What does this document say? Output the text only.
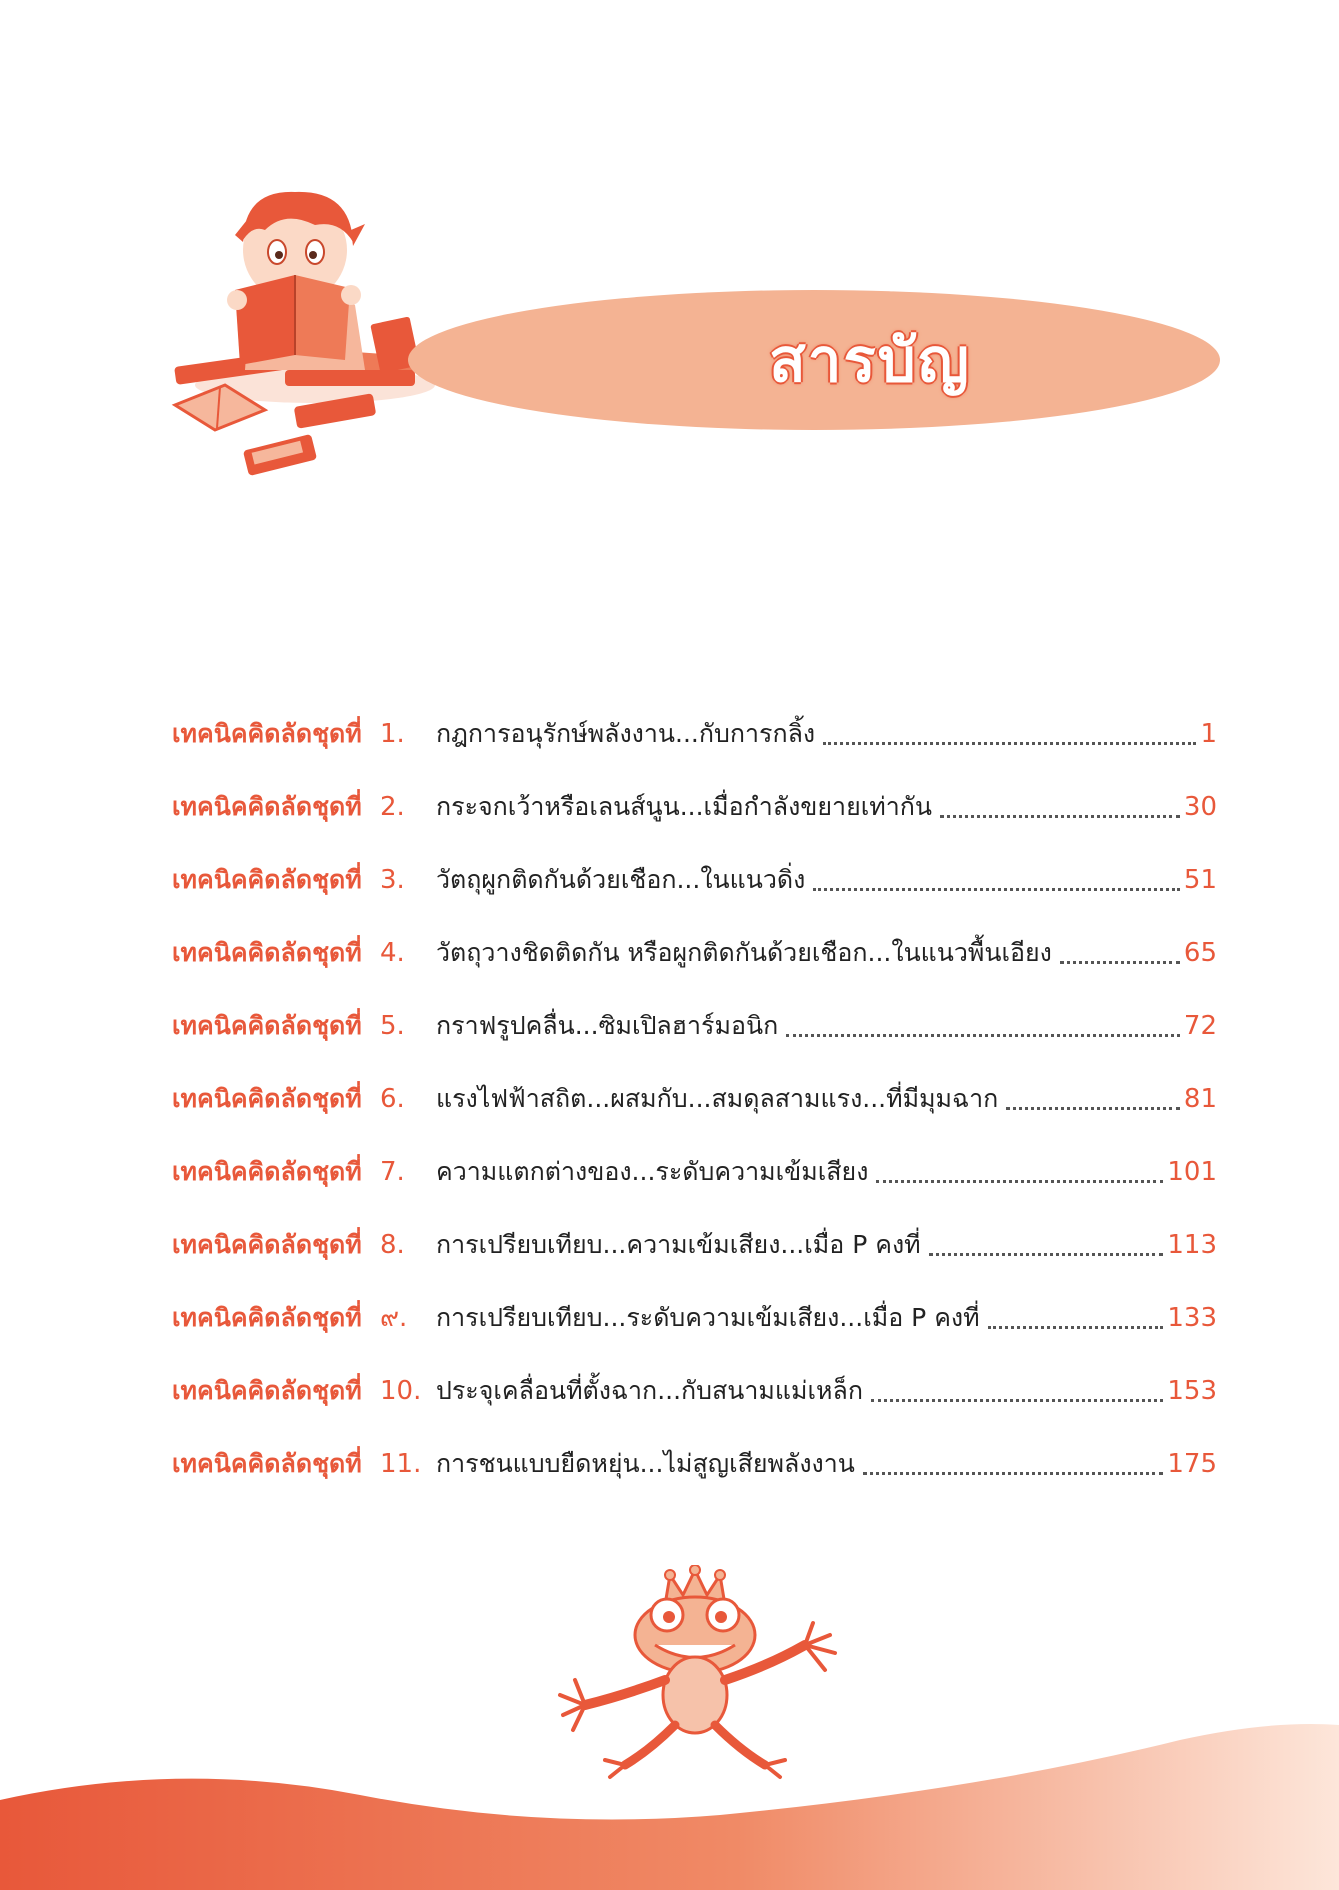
สารบัญ
เทคนิคคิดลัดชุดที่ 1.	กฎการอนุรักษ์พลังงาน...กับการกลิ้ง	1
เทคนิคคิดลัดชุดที่ 2.	กระจกเว้าหรือเลนส์นูน...เมื่อกำลังขยายเท่ากัน	30
เทคนิคคิดลัดชุดที่ 3.	วัตถุผูกติดกันด้วยเชือก...ในแนวดิ่ง	51
เทคนิคคิดลัดชุดที่ 4.	วัตถุวางชิดติดกัน หรือผูกติดกันด้วยเชือก...ในแนวพื้นเอียง	65
เทคนิคคิดลัดชุดที่ 5.	กราฟรูปคลื่น...ซิมเปิลฮาร์มอนิก	72
เทคนิคคิดลัดชุดที่ 6.	แรงไฟฟ้าสถิต...ผสมกับ...สมดุลสามแรง...ที่มีมุมฉาก	81
เทคนิคคิดลัดชุดที่ 7.	ความแตกต่างของ...ระดับความเข้มเสียง	101
เทคนิคคิดลัดชุดที่ 8.	การเปรียบเทียบ...ความเข้มเสียง...เมื่อ P คงที่	113
เทคนิคคิดลัดชุดที่ ๙.	การเปรียบเทียบ...ระดับความเข้มเสียง...เมื่อ P คงที่	133
เทคนิคคิดลัดชุดที่ 10. ประจุเคลื่อนที่ตั้งฉาก...กับสนามแม่เหล็ก	153
เทคนิคคิดลัดชุดที่ 11. การชนแบบยืดหยุ่น...ไม่สูญเสียพลังงาน	175
